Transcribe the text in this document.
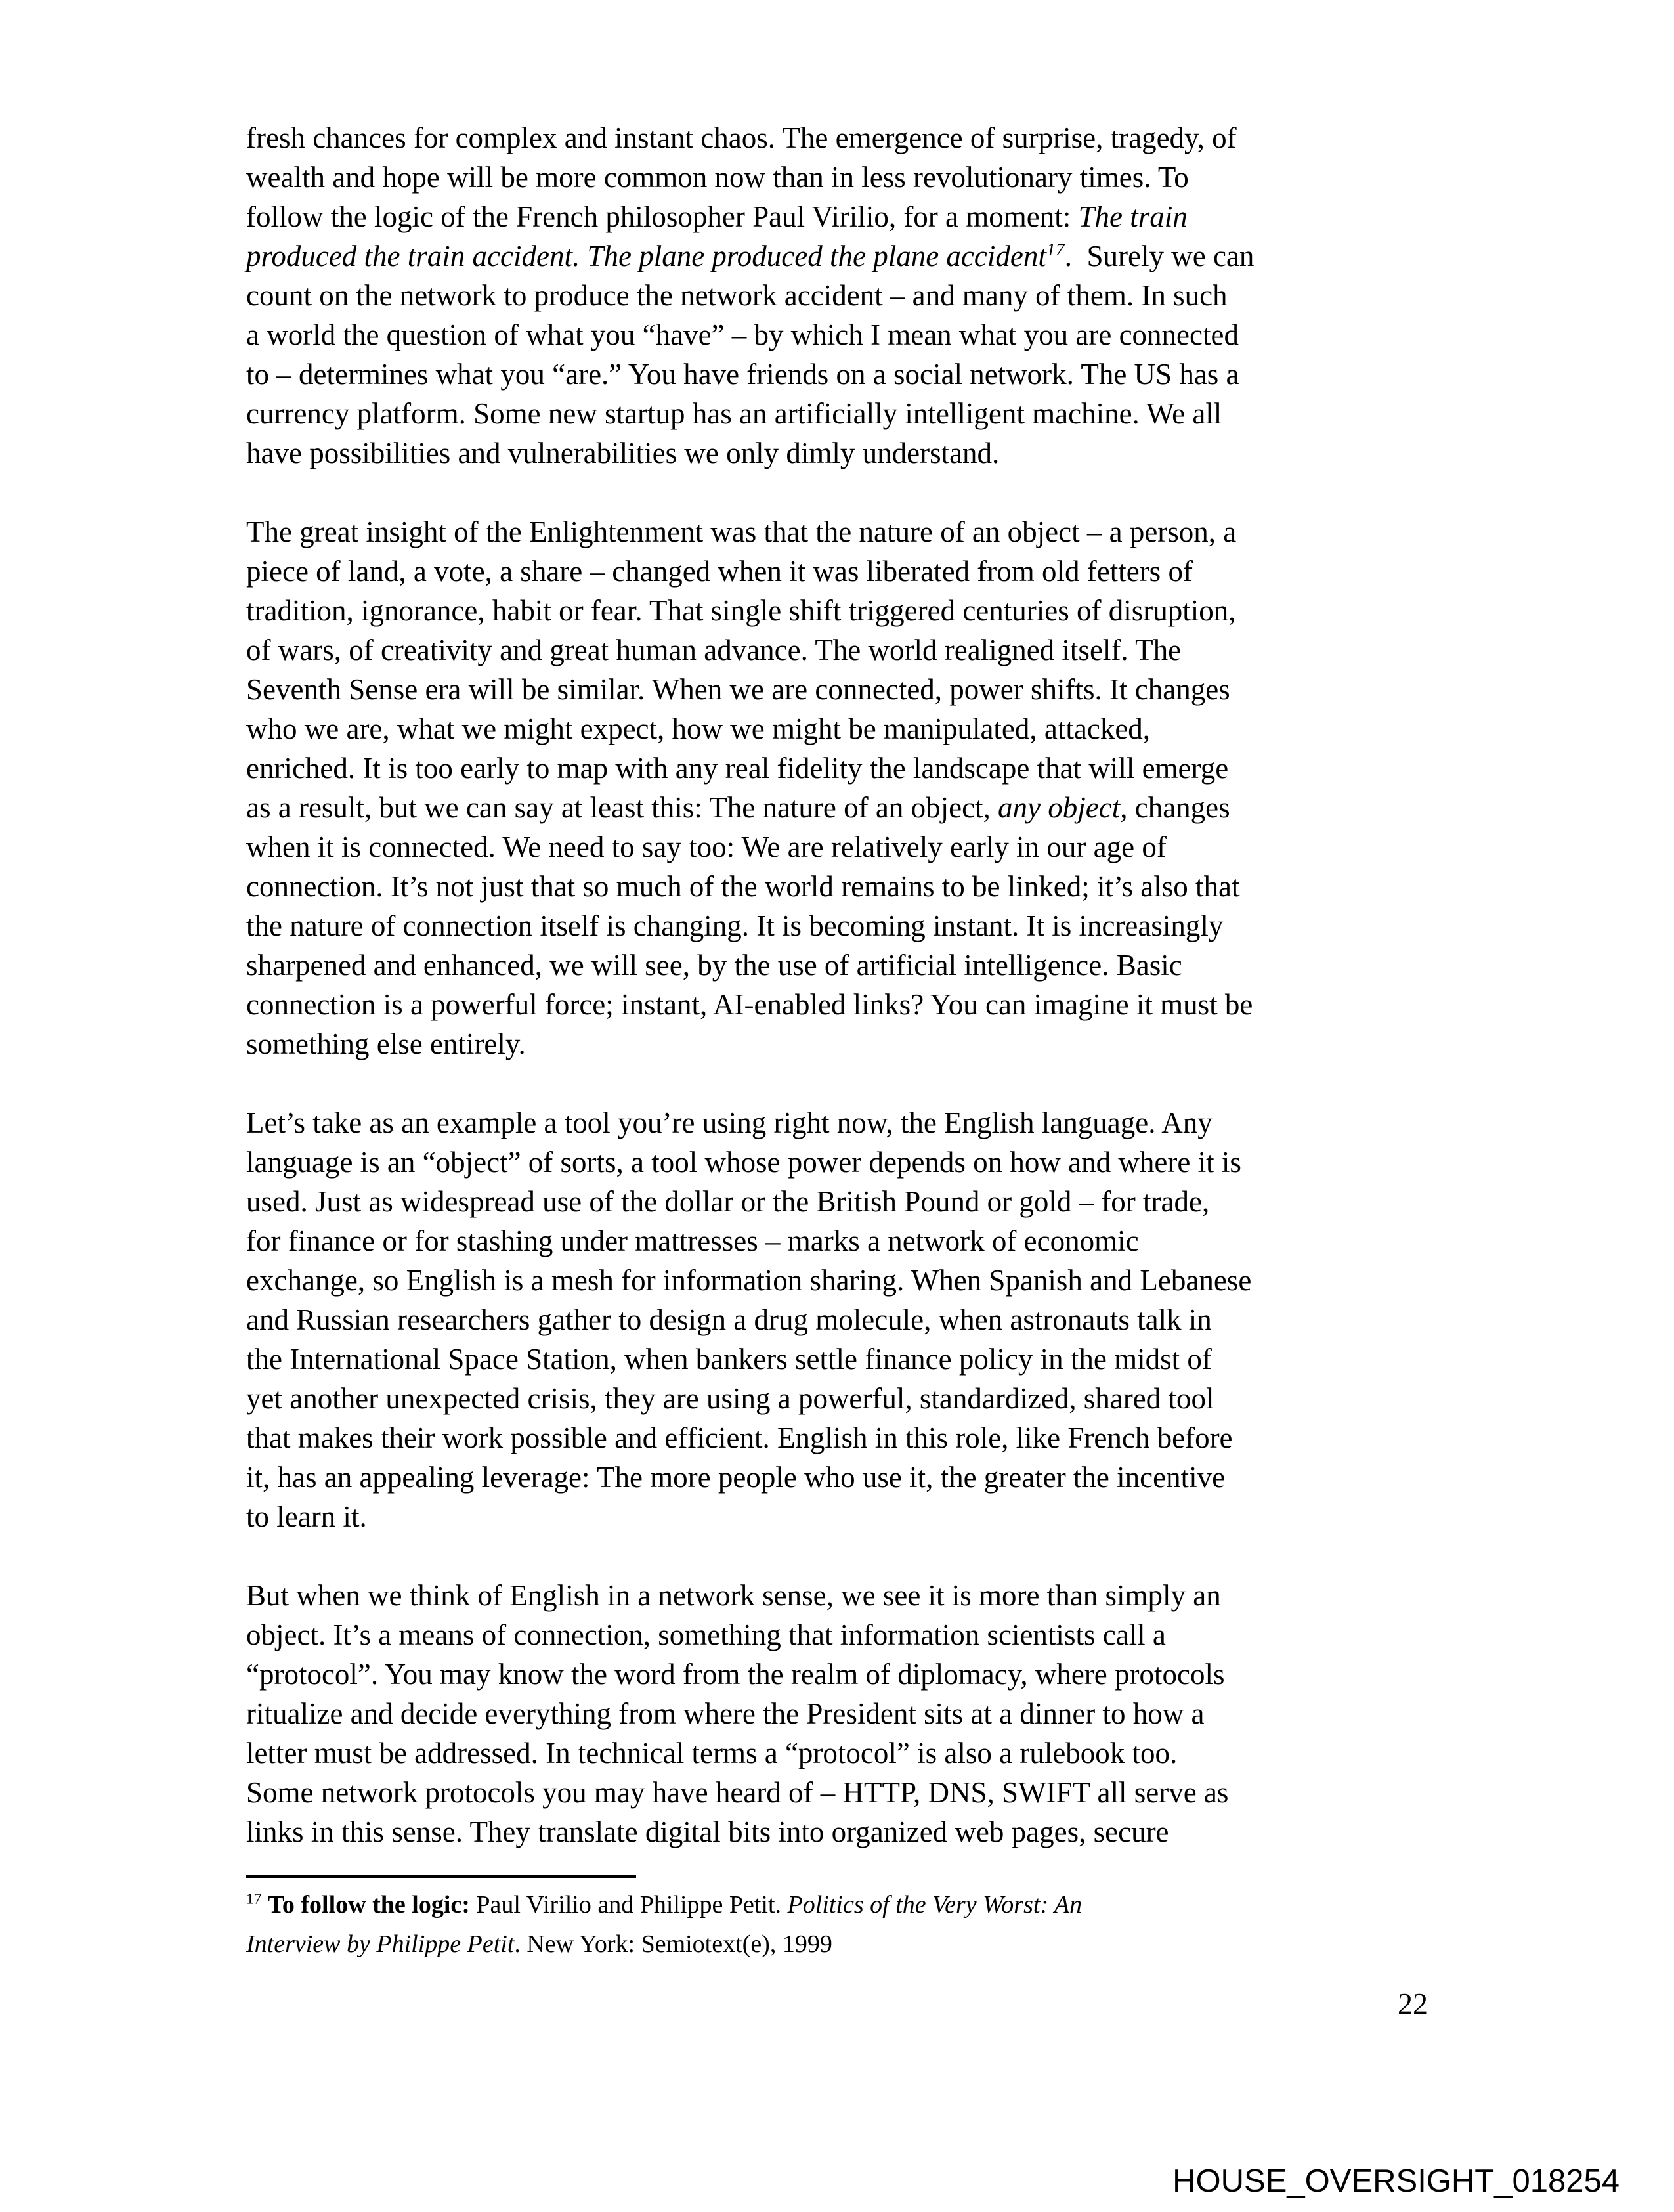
fresh chances for complex and instant chaos. The emergence of surprise, tragedy, of
wealth and hope will be more common now than in less revolutionary times. To
follow the logic of the French philosopher Paul Virilio, for a moment: The train
produced the train accident. The plane produced the plane accident$^{17}$.  Surely we can
count on the network to produce the network accident – and many of them. In such
a world the question of what you “have” – by which I mean what you are connected
to – determines what you “are.” You have friends on a social network. The US has a
currency platform. Some new startup has an artificially intelligent machine. We all
have possibilities and vulnerabilities we only dimly understand.
The great insight of the Enlightenment was that the nature of an object – a person, a
piece of land, a vote, a share – changed when it was liberated from old fetters of
tradition, ignorance, habit or fear. That single shift triggered centuries of disruption,
of wars, of creativity and great human advance. The world realigned itself. The
Seventh Sense era will be similar. When we are connected, power shifts. It changes
who we are, what we might expect, how we might be manipulated, attacked,
enriched. It is too early to map with any real fidelity the landscape that will emerge
as a result, but we can say at least this: The nature of an object, any object, changes
when it is connected. We need to say too: We are relatively early in our age of
connection. It’s not just that so much of the world remains to be linked; it’s also that
the nature of connection itself is changing. It is becoming instant. It is increasingly
sharpened and enhanced, we will see, by the use of artificial intelligence. Basic
connection is a powerful force; instant, AI-enabled links? You can imagine it must be
something else entirely.
Let’s take as an example a tool you’re using right now, the English language. Any
language is an “object” of sorts, a tool whose power depends on how and where it is
used. Just as widespread use of the dollar or the British Pound or gold – for trade,
for finance or for stashing under mattresses – marks a network of economic
exchange, so English is a mesh for information sharing. When Spanish and Lebanese
and Russian researchers gather to design a drug molecule, when astronauts talk in
the International Space Station, when bankers settle finance policy in the midst of
yet another unexpected crisis, they are using a powerful, standardized, shared tool
that makes their work possible and efficient. English in this role, like French before
it, has an appealing leverage: The more people who use it, the greater the incentive
to learn it.
But when we think of English in a network sense, we see it is more than simply an
object. It’s a means of connection, something that information scientists call a
“protocol”. You may know the word from the realm of diplomacy, where protocols
ritualize and decide everything from where the President sits at a dinner to how a
letter must be addressed. In technical terms a “protocol” is also a rulebook too.
Some network protocols you may have heard of – HTTP, DNS, SWIFT all serve as
links in this sense. They translate digital bits into organized web pages, secure
$^{17}$ To follow the logic: Paul Virilio and Philippe Petit. Politics of the Very Worst: An
Interview by Philippe Petit. New York: Semiotext(e), 1999
22
HOUSE_OVERSIGHT_018254
